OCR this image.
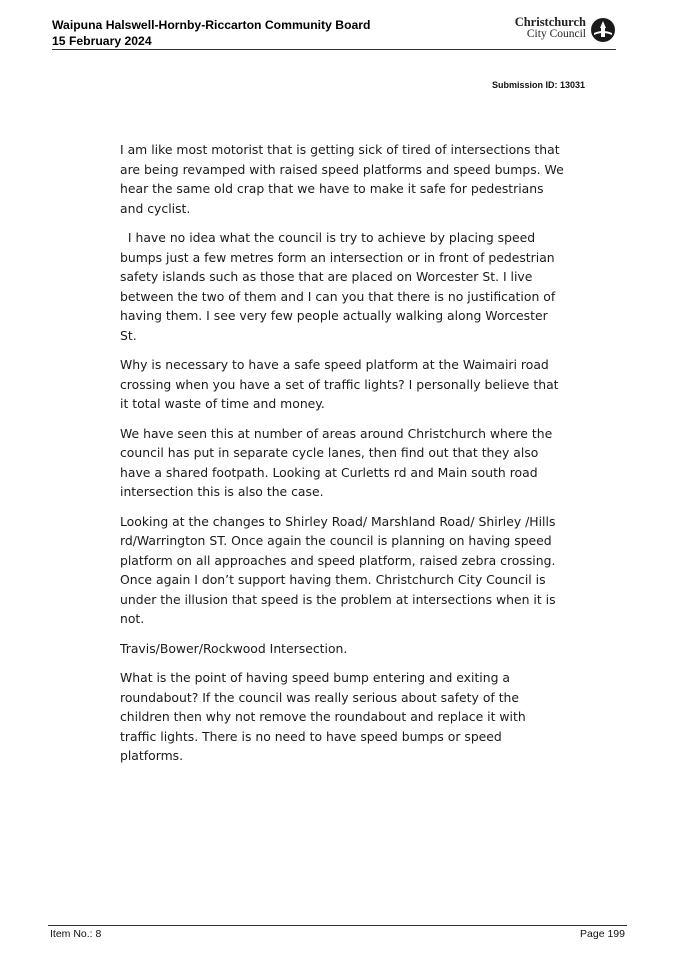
Waipuna Halswell-Hornby-Riccarton Community Board
15 February 2024
Christchurch
City Council
Submission ID: 13031

I am like most motorist that is getting sick of tired of intersections that are being revamped with raised speed platforms and speed bumps. We hear the same old crap that we have to make it safe for pedestrians and cyclist.

I have no idea what the council is try to achieve by placing speed bumps just a few metres form an intersection or in front of pedestrian safety islands such as those that are placed on Worcester St. I live between the two of them and I can you that there is no justification of having them. I see very few people actually walking along Worcester St.

Why is necessary to have a safe speed platform at the Waimairi road crossing when you have a set of traffic lights? I personally believe that it total waste of time and money.

We have seen this at number of areas around Christchurch where the council has put in separate cycle lanes, then find out that they also have a shared footpath. Looking at Curletts rd and Main south road intersection this is also the case.

Looking at the changes to Shirley Road/ Marshland Road/ Shirley /Hills rd/Warrington ST. Once again the council is planning on having speed platform on all approaches and speed platform, raised zebra crossing. Once again I don’t support having them. Christchurch City Council is under the illusion that speed is the problem at intersections when it is not.

Travis/Bower/Rockwood Intersection.

What is the point of having speed bump entering and exiting a roundabout? If the council was really serious about safety of the children then why not remove the roundabout and replace it with traffic lights. There is no need to have speed bumps or speed platforms.

Item No.: 8	Page 199
